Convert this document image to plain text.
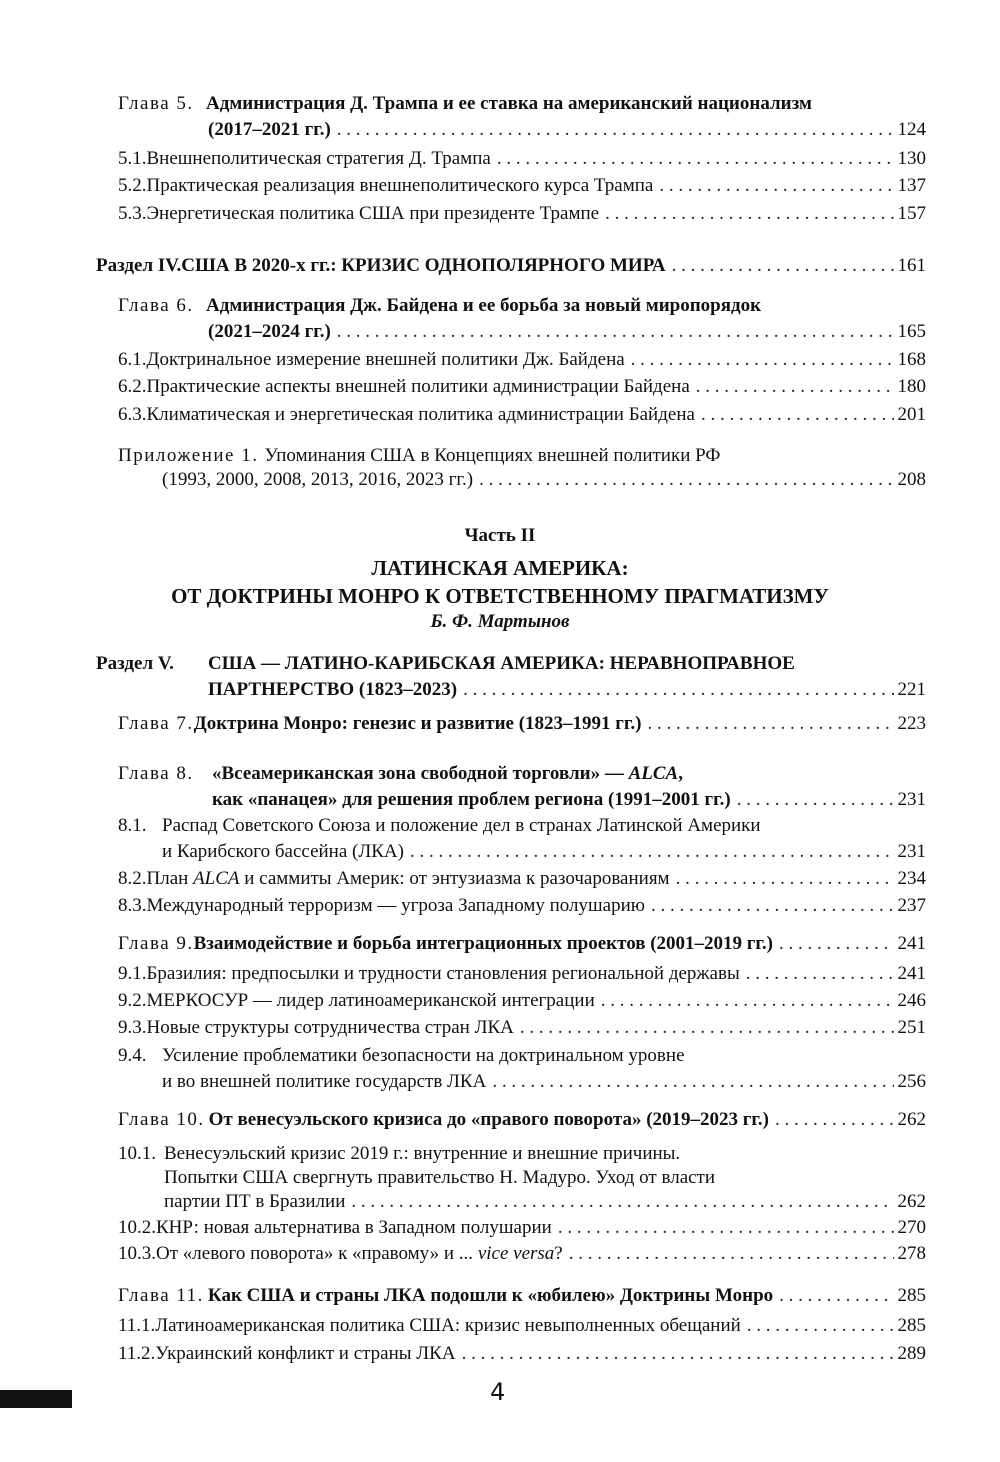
Глава 5. Администрация Д. Трампа и ее ставка на американский национализм
(2017–2021 гг.) . . .	124
5.1. Внешнеполитическая стратегия Д. Трампа . . .	130
5.2. Практическая реализация внешнеполитического курса Трампа . . .	137
5.3. Энергетическая политика США при президенте Трампе . . .	157
Раздел IV. США В 2020-х гг.: КРИЗИС ОДНОПОЛЯРНОГО МИРА . . .	161
Глава 6. Администрация Дж. Байдена и ее борьба за новый миропорядок
(2021–2024 гг.) . . .	165
6.1. Доктринальное измерение внешней политики Дж. Байдена . . .	168
6.2. Практические аспекты внешней политики администрации Байдена . . .	180
6.3. Климатическая и энергетическая политика администрации Байдена . . .	201
Приложение 1. Упоминания США в Концепциях внешней политики РФ
(1993, 2000, 2008, 2013, 2016, 2023 гг.) . . .	208
Часть II
ЛАТИНСКАЯ АМЕРИКА:
ОТ ДОКТРИНЫ МОНРО К ОТВЕТСТВЕННОМУ ПРАГМАТИЗМУ
Б. Ф. Мартынов
Раздел V.	США — ЛАТИНО-КАРИБСКАЯ АМЕРИКА: НЕРАВНОПРАВНОЕ
ПАРТНЕРСТВО (1823–2023) . . .	221
Глава 7. Доктрина Монро: генезис и развитие (1823–1991 гг.) . . .	223
Глава 8. «Всеамериканская зона свободной торговли» — ALCA ,
как «панацея» для решения проблем региона (1991–2001 гг.) . . .	231
8.1. Распад Советского Союза и положение дел в странах Латинской Америки
и Карибского бассейна (ЛКА) . . .	231
8.2. План ALCA и саммиты Америк: от энтузиазма к разочарованиям . . .	234
8.3. Международный терроризм — угроза Западному полушарию . . .	237
Глава 9. Взаимодействие и борьба интеграционных проектов (2001–2019 гг.) . . .	241
9.1. Бразилия: предпосылки и трудности становления региональной державы . . .	241
9.2. МЕРКОСУР — лидер латиноамериканской интеграции . . .	246
9.3. Новые структуры сотрудничества стран ЛКА . . .	251
9.4. Усиление проблематики безопасности на доктринальном уровне
и во внешней политике государств ЛКА . . .	256
Глава 10. От венесуэльского кризиса до «правого поворота» (2019–2023 гг.) . . .	262
10.1. Венесуэльский кризис 2019 г.: внутренние и внешние причины.
Попытки США свергнуть правительство Н. Мадуро. Уход от власти
партии ПТ в Бразилии . . .	262
10.2. КНР: новая альтернатива в Западном полушарии . . .	270
10.3. От «левого поворота» к «правому» и ... vice versa ? . . .	278
Глава 11. Как США и страны ЛКА подошли к «юбилею» Доктрины Монро . . .	285
11.1. Латиноамериканская политика США: кризис невыполненных обещаний . . .	285
11.2. Украинский конфликт и страны ЛКА . . .	289
4
